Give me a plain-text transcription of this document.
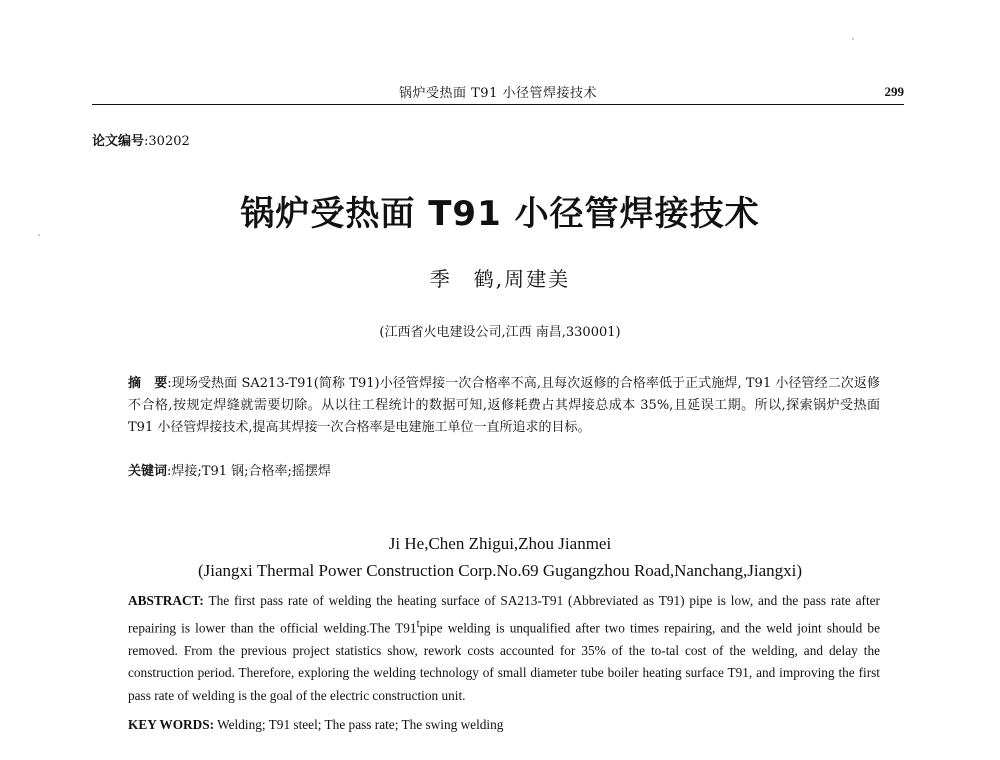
锅炉受热面 T91 小径管焊接技术	299
论文编号:30202
锅炉受热面 T91 小径管焊接技术
季　鹤,周建美
(江西省火电建设公司,江西 南昌,330001)
摘　要:现场受热面 SA213-T91(简称 T91)小径管焊接一次合格率不高,且每次返修的合格率低于正式施焊, T91 小径管经二次返修不合格,按规定焊缝就需要切除。从以往工程统计的数据可知,返修耗费占其焊接总成本 35%,且延误工期。所以,探索锅炉受热面 T91 小径管焊接技术,提高其焊接一次合格率是电建施工单位一直所追求的目标。
关键词:焊接;T91 钢;合格率;摇摆焊
Ji He,Chen Zhigui,Zhou Jianmei
(Jiangxi Thermal Power Construction Corp.No.69 Gugangzhou Road,Nanchang,Jiangxi)
ABSTRACT: The first pass rate of welding the heating surface of SA213-T91 (Abbreviated as T91) pipe is low, and the pass rate after repairing is lower than the official welding.The T91$^t$pipe welding is unqualified after two times repairing, and the weld joint should be removed. From the previous project statistics show, rework costs accounted for 35% of the to-tal cost of the welding, and delay the construction period. Therefore, exploring the welding technology of small diameter tube boiler heating surface T91, and improving the first pass rate of welding is the goal of the electric construction unit.
KEY WORDS: Welding; T91 steel; The pass rate; The swing welding
